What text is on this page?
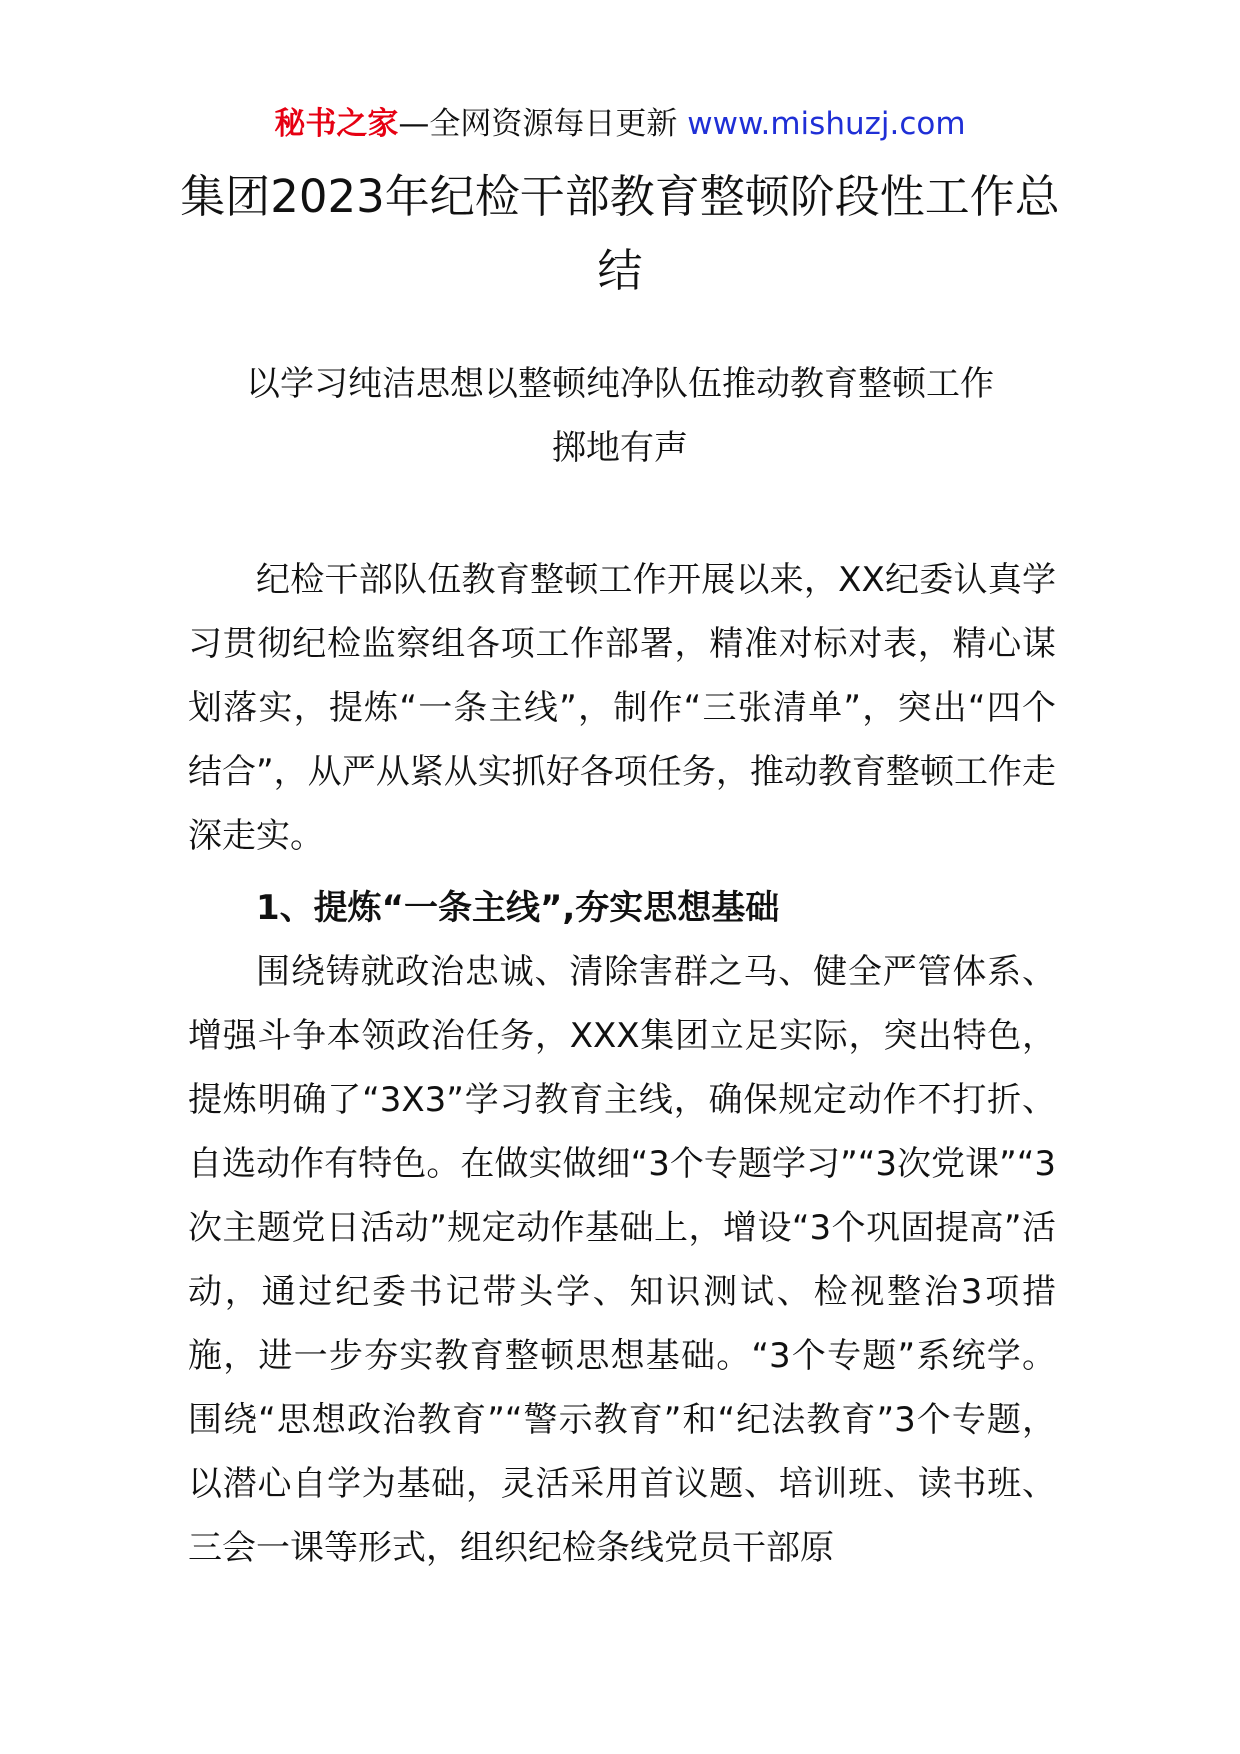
秘书之家—全网资源每日更新 www.mishuzj.com
集团2023年纪检干部教育整顿阶段性工作总结
以学习纯洁思想以整顿纯净队伍推动教育整顿工作
掷地有声

纪检干部队伍教育整顿工作开展以来，XX纪委认真学习贯彻纪检监察组各项工作部署，精准对标对表，精心谋划落实，提炼“一条主线”，制作“三张清单”，突出“四个结合”，从严从紧从实抓好各项任务，推动教育整顿工作走深走实。

1、提炼“一条主线”,夯实思想基础

围绕铸就政治忠诚、清除害群之马、健全严管体系、增强斗争本领政治任务，XXX集团立足实际，突出特色，提炼明确了“3X3”学习教育主线，确保规定动作不打折、自选动作有特色。在做实做细“3个专题学习”“3次党课”“3次主题党日活动”规定动作基础上，增设“3个巩固提高”活动，通过纪委书记带头学、知识测试、检视整治3项措施，进一步夯实教育整顿思想基础。“3个专题”系统学。围绕“思想政治教育”“警示教育”和“纪法教育”3个专题，以潜心自学为基础，灵活采用首议题、培训班、读书班、三会一课等形式，组织纪检条线党员干部原
